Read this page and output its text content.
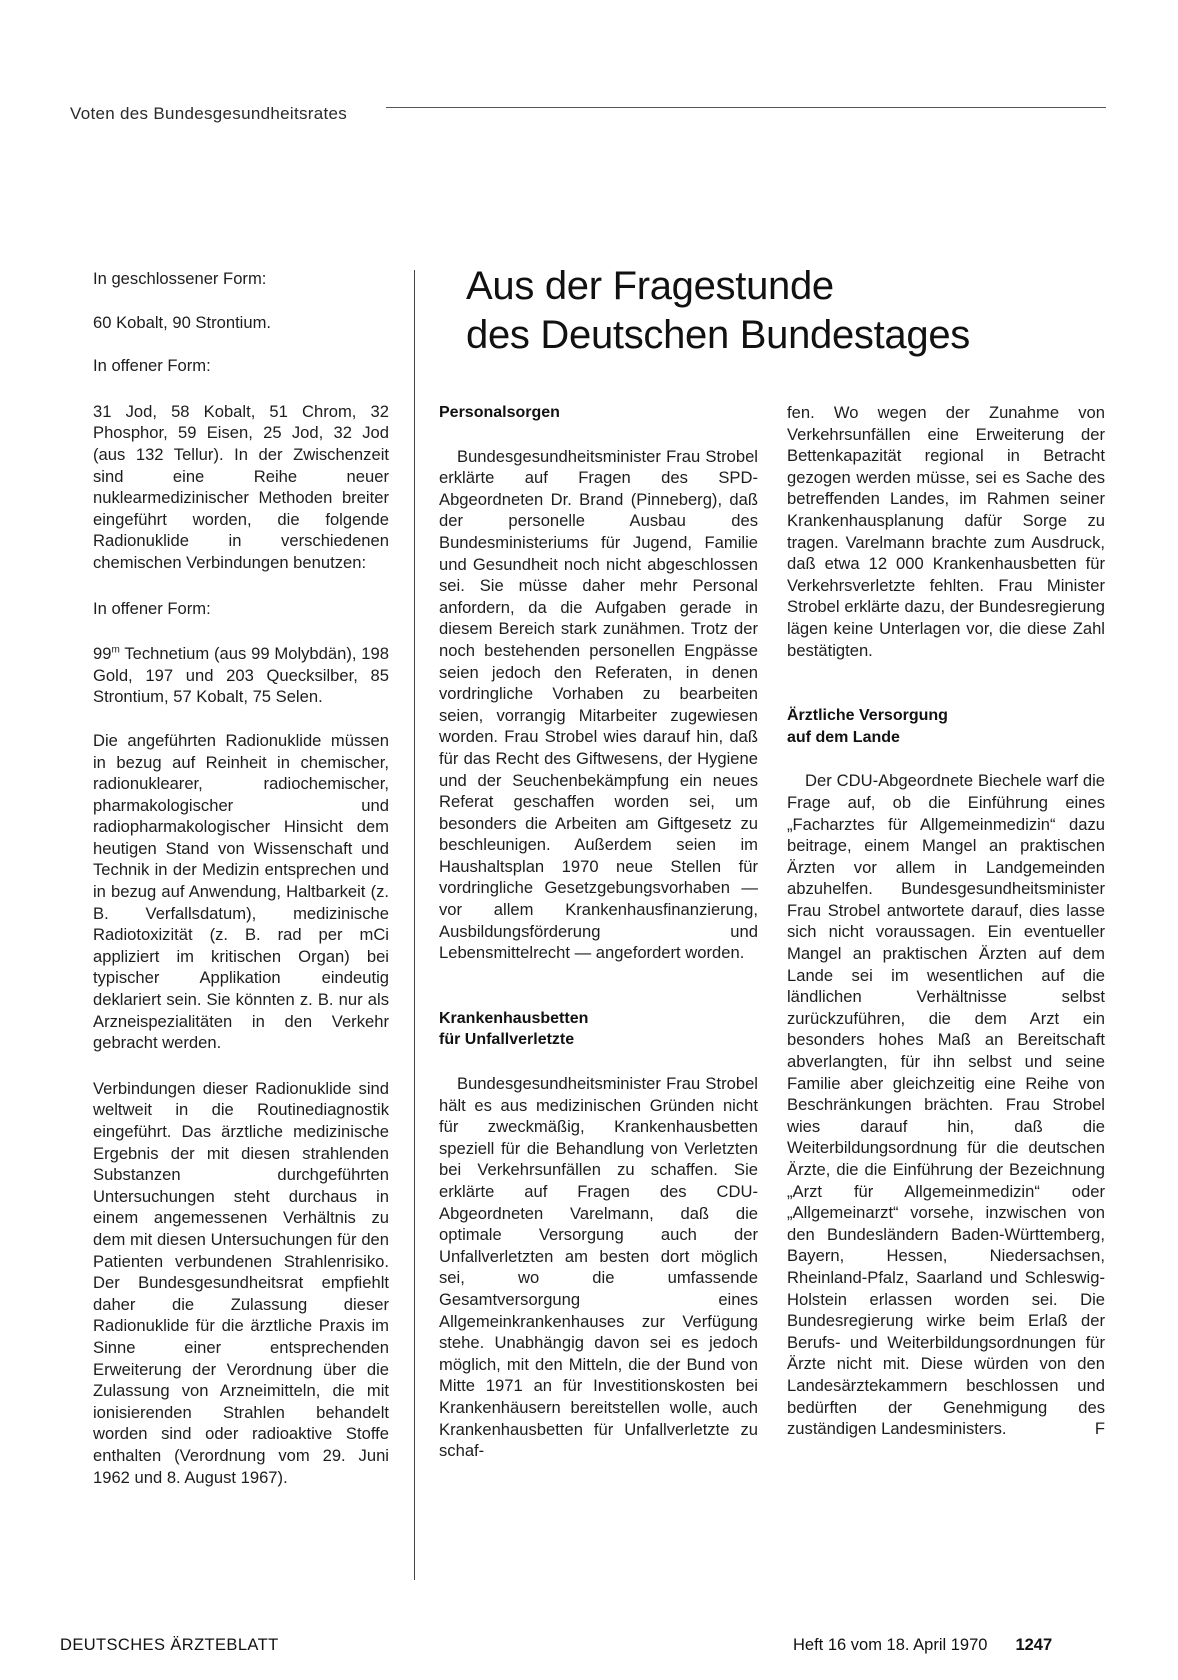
Voten des Bundesgesundheitsrates

In geschlossener Form:

60 Kobalt, 90 Strontium.

In offener Form:

31 Jod, 58 Kobalt, 51 Chrom, 32 Phosphor, 59 Eisen, 25 Jod, 32 Jod (aus 132 Tellur). In der Zwischenzeit sind eine Reihe neuer nuklearmedizinischer Methoden breiter eingeführt worden, die folgende Radionuklide in verschiedenen chemischen Verbindungen benutzen:

In offener Form:

99$^m$ Technetium (aus 99 Molybdän), 198 Gold, 197 und 203 Quecksilber, 85 Strontium, 57 Kobalt, 75 Selen.

Die angeführten Radionuklide müssen in bezug auf Reinheit in chemischer, radionuklearer, radiochemischer, pharmakologischer und radiopharmakologischer Hinsicht dem heutigen Stand von Wissenschaft und Technik in der Medizin entsprechen und in bezug auf Anwendung, Haltbarkeit (z. B. Verfallsdatum), medizinische Radiotoxizität (z. B. rad per mCi appliziert im kritischen Organ) bei typischer Applikation eindeutig deklariert sein. Sie könnten z. B. nur als Arzneispezialitäten in den Verkehr gebracht werden.

Verbindungen dieser Radionuklide sind weltweit in die Routinediagnostik eingeführt. Das ärztliche medizinische Ergebnis der mit diesen strahlenden Substanzen durchgeführten Untersuchungen steht durchaus in einem angemessenen Verhältnis zu dem mit diesen Untersuchungen für den Patienten verbundenen Strahlenrisiko. Der Bundesgesundheitsrat empfiehlt daher die Zulassung dieser Radionuklide für die ärztliche Praxis im Sinne einer entsprechenden Erweiterung der Verordnung über die Zulassung von Arzneimitteln, die mit ionisierenden Strahlen behandelt worden sind oder radioaktive Stoffe enthalten (Verordnung vom 29. Juni 1962 und 8. August 1967).

Aus der Fragestunde
des Deutschen Bundestages

Personalsorgen

Bundesgesundheitsminister Frau Strobel erklärte auf Fragen des SPD-Abgeordneten Dr. Brand (Pinneberg), daß der personelle Ausbau des Bundesministeriums für Jugend, Familie und Gesundheit noch nicht abgeschlossen sei. Sie müsse daher mehr Personal anfordern, da die Aufgaben gerade in diesem Bereich stark zunähmen. Trotz der noch bestehenden personellen Engpässe seien jedoch den Referaten, in denen vordringliche Vorhaben zu bearbeiten seien, vorrangig Mitarbeiter zugewiesen worden. Frau Strobel wies darauf hin, daß für das Recht des Giftwesens, der Hygiene und der Seuchenbekämpfung ein neues Referat geschaffen worden sei, um besonders die Arbeiten am Giftgesetz zu beschleunigen. Außerdem seien im Haushaltsplan 1970 neue Stellen für vordringliche Gesetzgebungsvorhaben — vor allem Krankenhausfinanzierung, Ausbildungsförderung und Lebensmittelrecht — angefordert worden.

Krankenhausbetten
für Unfallverletzte

Bundesgesundheitsminister Frau Strobel hält es aus medizinischen Gründen nicht für zweckmäßig, Krankenhausbetten speziell für die Behandlung von Verletzten bei Verkehrsunfällen zu schaffen. Sie erklärte auf Fragen des CDU-Abgeordneten Varelmann, daß die optimale Versorgung auch der Unfallverletzten am besten dort möglich sei, wo die umfassende Gesamtversorgung eines Allgemeinkrankenhauses zur Verfügung stehe. Unabhängig davon sei es jedoch möglich, mit den Mitteln, die der Bund von Mitte 1971 an für Investitionskosten bei Krankenhäusern bereitstellen wolle, auch Krankenhausbetten für Unfallverletzte zu schaf-

fen. Wo wegen der Zunahme von Verkehrsunfällen eine Erweiterung der Bettenkapazität regional in Betracht gezogen werden müsse, sei es Sache des betreffenden Landes, im Rahmen seiner Krankenhausplanung dafür Sorge zu tragen. Varelmann brachte zum Ausdruck, daß etwa 12 000 Krankenhausbetten für Verkehrsverletzte fehlten. Frau Minister Strobel erklärte dazu, der Bundesregierung lägen keine Unterlagen vor, die diese Zahl bestätigten.

Ärztliche Versorgung
auf dem Lande

Der CDU-Abgeordnete Biechele warf die Frage auf, ob die Einführung eines „Facharztes für Allgemeinmedizin“ dazu beitrage, einem Mangel an praktischen Ärzten vor allem in Landgemeinden abzuhelfen. Bundesgesundheitsminister Frau Strobel antwortete darauf, dies lasse sich nicht voraussagen. Ein eventueller Mangel an praktischen Ärzten auf dem Lande sei im wesentlichen auf die ländlichen Verhältnisse selbst zurückzuführen, die dem Arzt ein besonders hohes Maß an Bereitschaft abverlangten, für ihn selbst und seine Familie aber gleichzeitig eine Reihe von Beschränkungen brächten. Frau Strobel wies darauf hin, daß die Weiterbildungsordnung für die deutschen Ärzte, die die Einführung der Bezeichnung „Arzt für Allgemeinmedizin“ oder „Allgemeinarzt“ vorsehe, inzwischen von den Bundesländern Baden-Württemberg, Bayern, Hessen, Niedersachsen, Rheinland-Pfalz, Saarland und Schleswig-Holstein erlassen worden sei. Die Bundesregierung wirke beim Erlaß der Berufs- und Weiterbildungsordnungen für Ärzte nicht mit. Diese würden von den Landesärztekammern beschlossen und bedürften der Genehmigung des zuständigen Landesministers.	F
DEUTSCHES ÄRZTEBLATT	Heft 16 vom 18. April 1970 1247
